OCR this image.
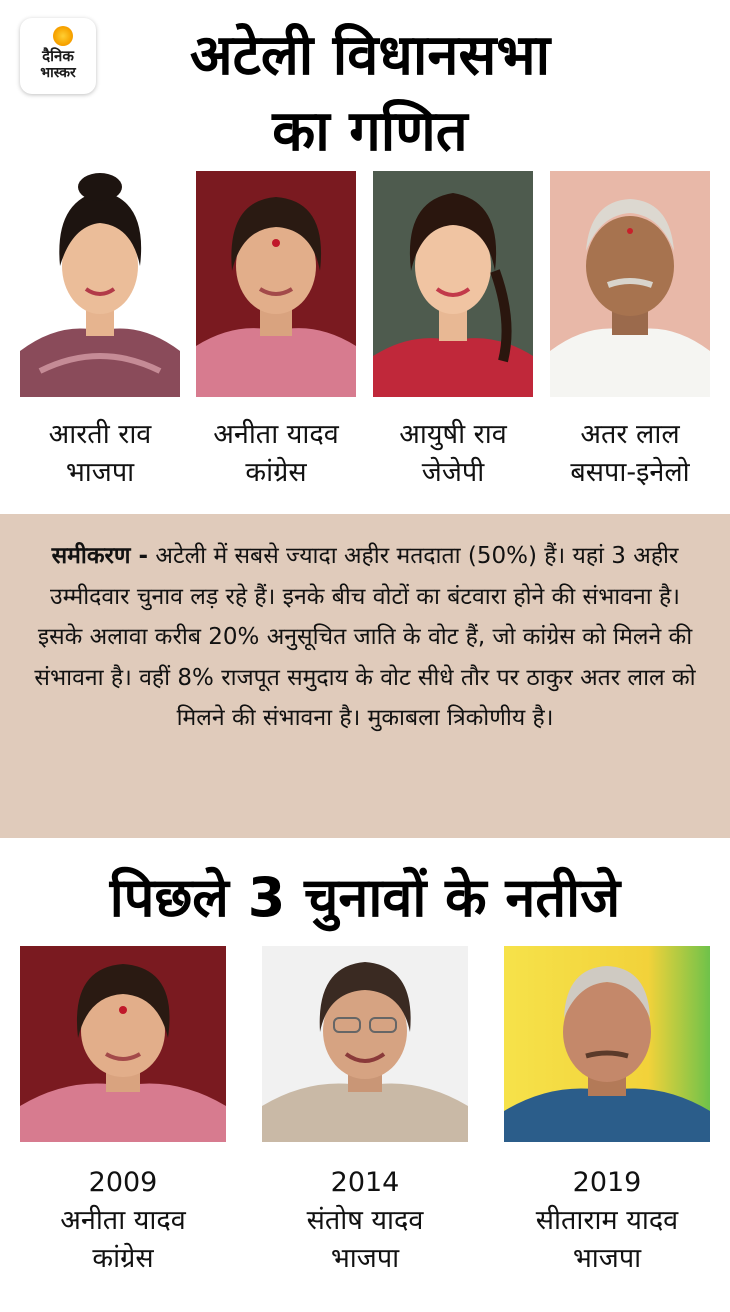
दैनिक
भास्कर	अटेली विधानसभा
का गणित
आरती राव
भाजपा
अनीता यादव
कांग्रेस
आयुषी राव
जेजेपी
अतर लाल
बसपा-इनेलो
समीकरण - अटेली में सबसे ज्यादा अहीर मतदाता (50%) हैं। यहां 3 अहीर उम्मीदवार चुनाव लड़ रहे हैं। इनके बीच वोटों का बंटवारा होने की संभावना है। इसके अलावा करीब 20% अनुसूचित जाति के वोट हैं, जो कांग्रेस को मिलने की संभावना है। वहीं 8% राजपूत समुदाय के वोट सीधे तौर पर ठाकुर अतर लाल को मिलने की संभावना है। मुकाबला त्रिकोणीय है।
पिछले 3 चुनावों के नतीजे
2009
अनीता यादव
कांग्रेस
2014
संतोष यादव
भाजपा
2019
सीताराम यादव
भाजपा
